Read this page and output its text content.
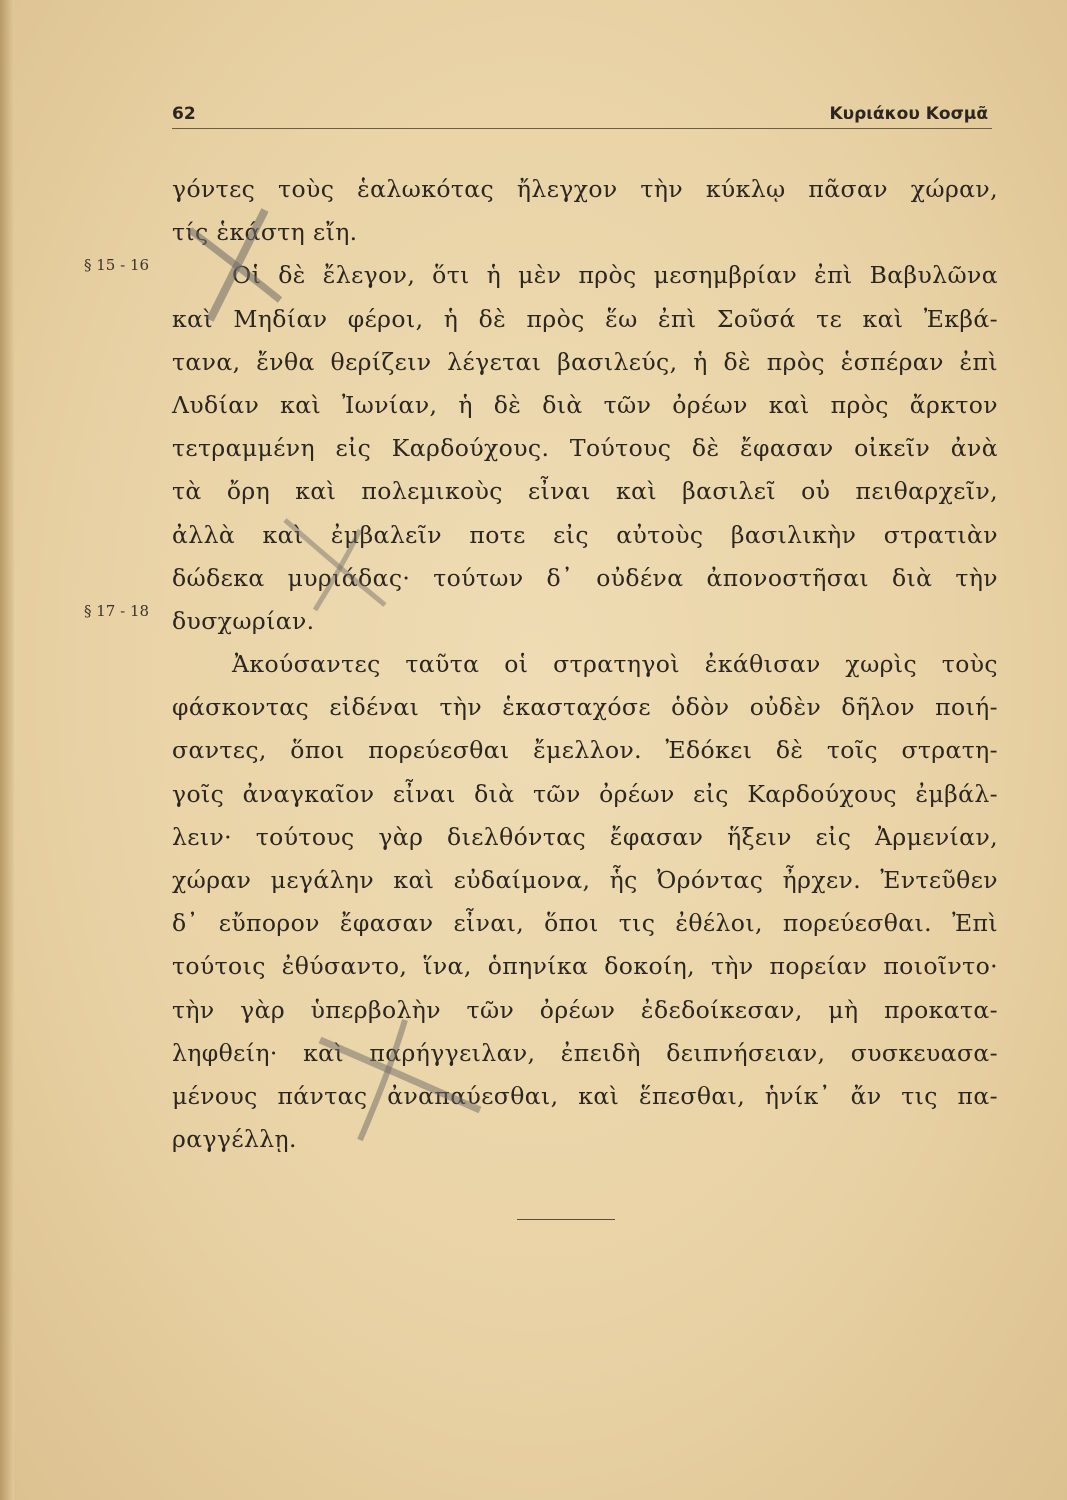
62	Κυριάκου Κοσμᾶ
§ 15 - 16
§ 17 - 18
γόντες τοὺς ἑαλωκότας ἤλεγχον τὴν κύκλῳ πᾶσαν χώραν,
τίς ἑκάστη εἴη.
Οἱ δὲ ἔλεγον, ὅτι ἡ μὲν πρὸς μεσημβρίαν ἐπὶ Βαβυλῶνα
καὶ Μηδίαν φέροι, ἡ δὲ πρὸς ἕω ἐπὶ Σοῦσά τε καὶ Ἐκβά-
τανα, ἔνθα θερίζειν λέγεται βασιλεύς, ἡ δὲ πρὸς ἑσπέραν ἐπὶ
Λυδίαν καὶ Ἰωνίαν, ἡ δὲ διὰ τῶν ὀρέων καὶ πρὸς ἄρκτον
τετραμμένη εἰς Καρδούχους. Τούτους δὲ ἔφασαν οἰκεῖν ἀνὰ
τὰ ὄρη καὶ πολεμικοὺς εἶναι καὶ βασιλεῖ οὐ πειθαρχεῖν,
ἀλλὰ καὶ ἐμβαλεῖν ποτε εἰς αὐτοὺς βασιλικὴν στρατιὰν
δώδεκα μυριάδας· τούτων δ᾿ οὐδένα ἀπονοστῆσαι διὰ τὴν
δυσχωρίαν.
Ἀκούσαντες ταῦτα οἱ στρατηγοὶ ἐκάθισαν χωρὶς τοὺς
φάσκοντας εἰδέναι τὴν ἑκασταχόσε ὁδὸν οὐδὲν δῆλον ποιή-
σαντες, ὅποι πορεύεσθαι ἔμελλον. Ἐδόκει δὲ τοῖς στρατη-
γοῖς ἀναγκαῖον εἶναι διὰ τῶν ὀρέων εἰς Καρδούχους ἐμβάλ-
λειν· τούτους γὰρ διελθόντας ἔφασαν ἥξειν εἰς Ἀρμενίαν,
χώραν μεγάλην καὶ εὐδαίμονα, ἧς Ὀρόντας ἦρχεν. Ἐντεῦθεν
δ᾿ εὔπορον ἔφασαν εἶναι, ὅποι τις ἐθέλοι, πορεύεσθαι. Ἐπὶ
τούτοις ἐθύσαντο, ἵνα, ὁπηνίκα δοκοίη, τὴν πορείαν ποιοῖντο·
τὴν γὰρ ὑπερβολὴν τῶν ὀρέων ἐδεδοίκεσαν, μὴ προκατα-
ληφθείη· καὶ παρήγγειλαν, ἐπειδὴ δειπνήσειαν, συσκευασα-
μένους πάντας ἀναπαύεσθαι, καὶ ἕπεσθαι, ἡνίκ᾿ ἄν τις πα-
ραγγέλλῃ.
